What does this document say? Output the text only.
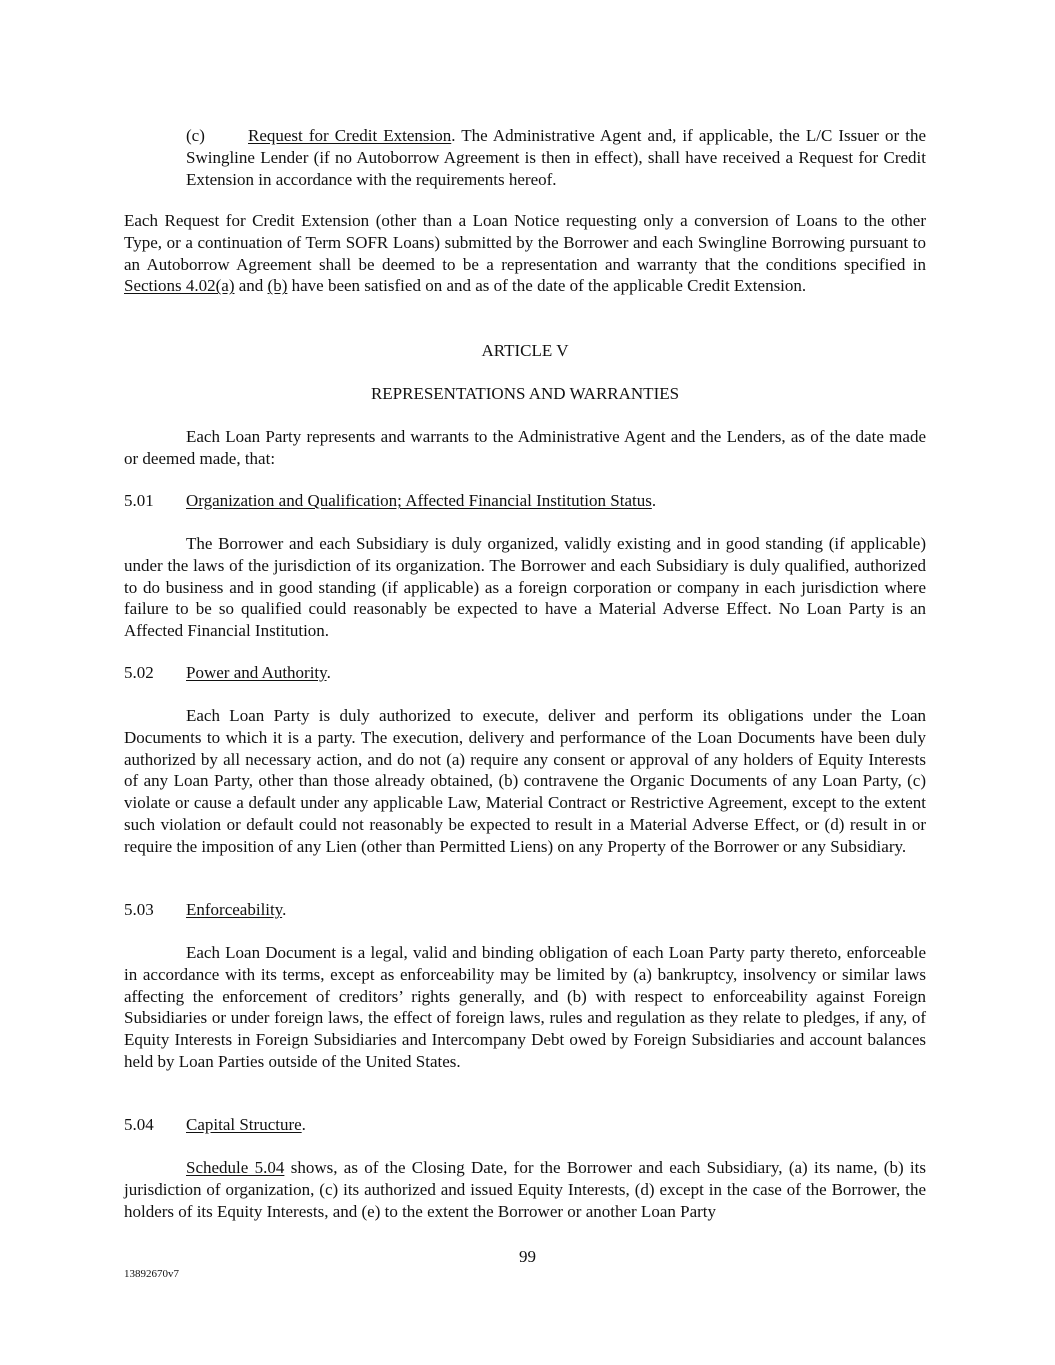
(c)	Request for Credit Extension. The Administrative Agent and, if applicable, the L/C Issuer or the Swingline Lender (if no Autoborrow Agreement is then in effect), shall have received a Request for Credit Extension in accordance with the requirements hereof.

Each Request for Credit Extension (other than a Loan Notice requesting only a conversion of Loans to the other Type, or a continuation of Term SOFR Loans) submitted by the Borrower and each Swingline Borrowing pursuant to an Autoborrow Agreement shall be deemed to be a representation and warranty that the conditions specified in Sections 4.02(a) and (b) have been satisfied on and as of the date of the applicable Credit Extension.

ARTICLE V

REPRESENTATIONS AND WARRANTIES

Each Loan Party represents and warrants to the Administrative Agent and the Lenders, as of the date made or deemed made, that:

5.01 Organization and Qualification; Affected Financial Institution Status.

The Borrower and each Subsidiary is duly organized, validly existing and in good standing (if applicable) under the laws of the jurisdiction of its organization. The Borrower and each Subsidiary is duly qualified, authorized to do business and in good standing (if applicable) as a foreign corporation or company in each jurisdiction where failure to be so qualified could reasonably be expected to have a Material Adverse Effect. No Loan Party is an Affected Financial Institution.

5.02 Power and Authority.

Each Loan Party is duly authorized to execute, deliver and perform its obligations under the Loan Documents to which it is a party. The execution, delivery and performance of the Loan Documents have been duly authorized by all necessary action, and do not (a) require any consent or approval of any holders of Equity Interests of any Loan Party, other than those already obtained, (b) contravene the Organic Documents of any Loan Party, (c) violate or cause a default under any applicable Law, Material Contract or Restrictive Agreement, except to the extent such violation or default could not reasonably be expected to result in a Material Adverse Effect, or (d) result in or require the imposition of any Lien (other than Permitted Liens) on any Property of the Borrower or any Subsidiary.

5.03 Enforceability.

Each Loan Document is a legal, valid and binding obligation of each Loan Party party thereto, enforceable in accordance with its terms, except as enforceability may be limited by (a) bankruptcy, insolvency or similar laws affecting the enforcement of creditors’ rights generally, and (b) with respect to enforceability against Foreign Subsidiaries or under foreign laws, the effect of foreign laws, rules and regulation as they relate to pledges, if any, of Equity Interests in Foreign Subsidiaries and Intercompany Debt owed by Foreign Subsidiaries and account balances held by Loan Parties outside of the United States.

5.04 Capital Structure.

Schedule 5.04 shows, as of the Closing Date, for the Borrower and each Subsidiary, (a) its name, (b) its jurisdiction of organization, (c) its authorized and issued Equity Interests, (d) except in the case of the Borrower, the holders of its Equity Interests, and (e) to the extent the Borrower or another Loan Party

99
13892670v7
